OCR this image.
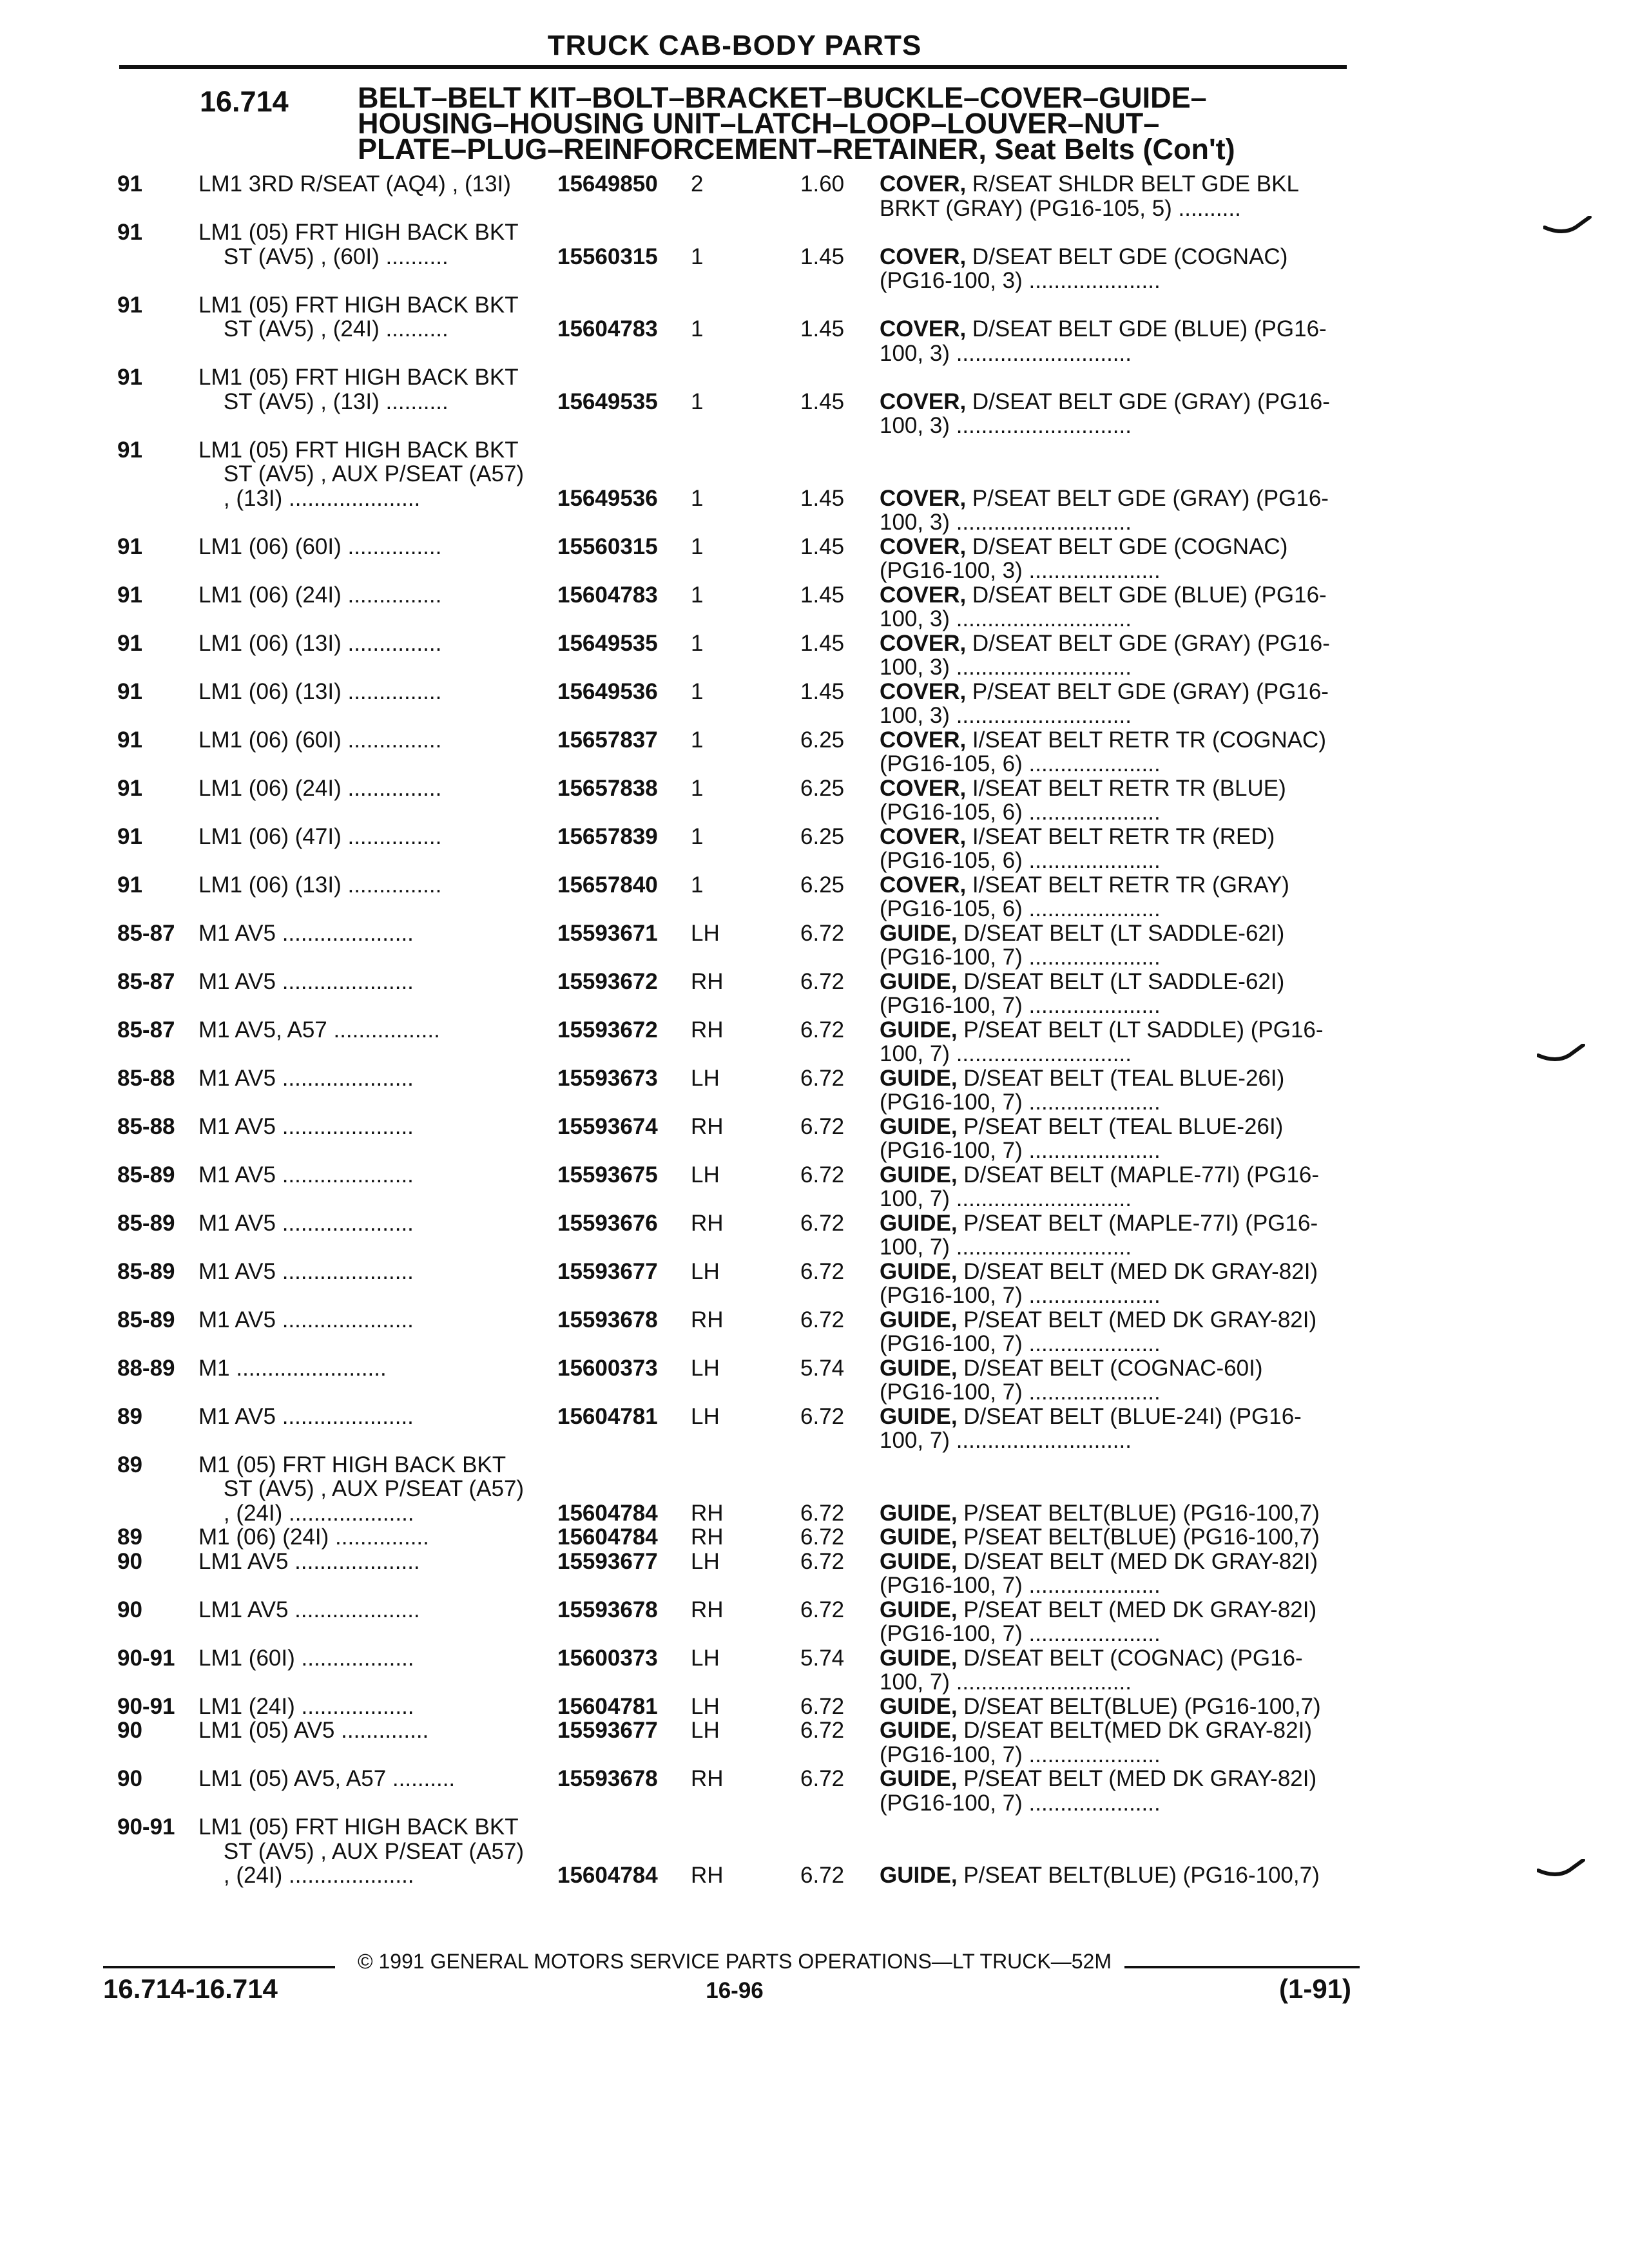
TRUCK CAB-BODY PARTS
16.714 BELT–BELT KIT–BOLT–BRACKET–BUCKLE–COVER–GUIDE–
HOUSING–HOUSING UNIT–LATCH–LOOP–LOUVER–NUT–
PLATE–PLUG–REINFORCEMENT–RETAINER, Seat Belts (Con't)
91 LM1 3RD R/SEAT (AQ4) , (13I)	15649850 2	1.60 COVER, R/SEAT SHLDR BELT GDE BKL
BRKT (GRAY) (PG16-105, 5) ..........
91 LM1 (05) FRT HIGH BACK BKT
ST (AV5) , (60I) ..........	15560315 1	1.45 COVER, D/SEAT BELT GDE (COGNAC)
(PG16-100, 3) .....................
91 LM1 (05) FRT HIGH BACK BKT
ST (AV5) , (24I) ..........	15604783 1	1.45 COVER, D/SEAT BELT GDE (BLUE) (PG16-
100, 3) ............................
91 LM1 (05) FRT HIGH BACK BKT
ST (AV5) , (13I) ..........	15649535 1	1.45 COVER, D/SEAT BELT GDE (GRAY) (PG16-
100, 3) ............................
91 LM1 (05) FRT HIGH BACK BKT
ST (AV5) , AUX P/SEAT (A57)
, (13I) .....................	15649536 1	1.45 COVER, P/SEAT BELT GDE (GRAY) (PG16-
100, 3) ............................
91 LM1 (06) (60I) ...............	15560315 1	1.45 COVER, D/SEAT BELT GDE (COGNAC)
(PG16-100, 3) .....................
91 LM1 (06) (24I) ...............	15604783 1	1.45 COVER, D/SEAT BELT GDE (BLUE) (PG16-
100, 3) ............................
91 LM1 (06) (13I) ...............	15649535 1	1.45 COVER, D/SEAT BELT GDE (GRAY) (PG16-
100, 3) ............................
91 LM1 (06) (13I) ...............	15649536 1	1.45 COVER, P/SEAT BELT GDE (GRAY) (PG16-
100, 3) ............................
91 LM1 (06) (60I) ...............	15657837 1	6.25 COVER, I/SEAT BELT RETR TR (COGNAC)
(PG16-105, 6) .....................
91 LM1 (06) (24I) ...............	15657838 1	6.25 COVER, I/SEAT BELT RETR TR (BLUE)
(PG16-105, 6) .....................
91 LM1 (06) (47I) ...............	15657839 1	6.25 COVER, I/SEAT BELT RETR TR (RED)
(PG16-105, 6) .....................
91 LM1 (06) (13I) ...............	15657840 1	6.25 COVER, I/SEAT BELT RETR TR (GRAY)
(PG16-105, 6) .....................
85-87 M1 AV5 .....................	15593671 LH	6.72 GUIDE, D/SEAT BELT (LT SADDLE-62I)
(PG16-100, 7) .....................
85-87 M1 AV5 .....................	15593672 RH	6.72 GUIDE, D/SEAT BELT (LT SADDLE-62I)
(PG16-100, 7) .....................
85-87 M1 AV5, A57 .................	15593672 RH	6.72 GUIDE, P/SEAT BELT (LT SADDLE) (PG16-
100, 7) ............................
85-88 M1 AV5 .....................	15593673 LH	6.72 GUIDE, D/SEAT BELT (TEAL BLUE-26I)
(PG16-100, 7) .....................
85-88 M1 AV5 .....................	15593674 RH	6.72 GUIDE, P/SEAT BELT (TEAL BLUE-26I)
(PG16-100, 7) .....................
85-89 M1 AV5 .....................	15593675 LH	6.72 GUIDE, D/SEAT BELT (MAPLE-77I) (PG16-
100, 7) ............................
85-89 M1 AV5 .....................	15593676 RH	6.72 GUIDE, P/SEAT BELT (MAPLE-77I) (PG16-
100, 7) ............................
85-89 M1 AV5 .....................	15593677 LH	6.72 GUIDE, D/SEAT BELT (MED DK GRAY-82I)
(PG16-100, 7) .....................
85-89 M1 AV5 .....................	15593678 RH	6.72 GUIDE, P/SEAT BELT (MED DK GRAY-82I)
(PG16-100, 7) .....................
88-89 M1 ........................	15600373 LH	5.74 GUIDE, D/SEAT BELT (COGNAC-60I)
(PG16-100, 7) .....................
89 M1 AV5 .....................	15604781 LH	6.72 GUIDE, D/SEAT BELT (BLUE-24I) (PG16-
100, 7) ............................
89 M1 (05) FRT HIGH BACK BKT
ST (AV5) , AUX P/SEAT (A57)
, (24I) ....................	15604784 RH	6.72 GUIDE, P/SEAT BELT(BLUE) (PG16-100,7)
89 M1 (06) (24I) ...............	15604784 RH	6.72 GUIDE, P/SEAT BELT(BLUE) (PG16-100,7)
90 LM1 AV5 ....................	15593677 LH	6.72 GUIDE, D/SEAT BELT (MED DK GRAY-82I)
(PG16-100, 7) .....................
90 LM1 AV5 ....................	15593678 RH	6.72 GUIDE, P/SEAT BELT (MED DK GRAY-82I)
(PG16-100, 7) .....................
90-91 LM1 (60I) ..................	15600373 LH	5.74 GUIDE, D/SEAT BELT (COGNAC) (PG16-
100, 7) ............................
90-91 LM1 (24I) ..................	15604781 LH	6.72 GUIDE, D/SEAT BELT(BLUE) (PG16-100,7)
90 LM1 (05) AV5 ..............	15593677 LH	6.72 GUIDE, D/SEAT BELT(MED DK GRAY-82I)
(PG16-100, 7) .....................
90 LM1 (05) AV5, A57 ..........	15593678 RH	6.72 GUIDE, P/SEAT BELT (MED DK GRAY-82I)
(PG16-100, 7) .....................
90-91 LM1 (05) FRT HIGH BACK BKT
ST (AV5) , AUX P/SEAT (A57)
, (24I) ....................	15604784 RH	6.72 GUIDE, P/SEAT BELT(BLUE) (PG16-100,7)
© 1991 GENERAL MOTORS SERVICE PARTS OPERATIONS—LT TRUCK—52M
16.714-16.714	16-96	(1-91)
